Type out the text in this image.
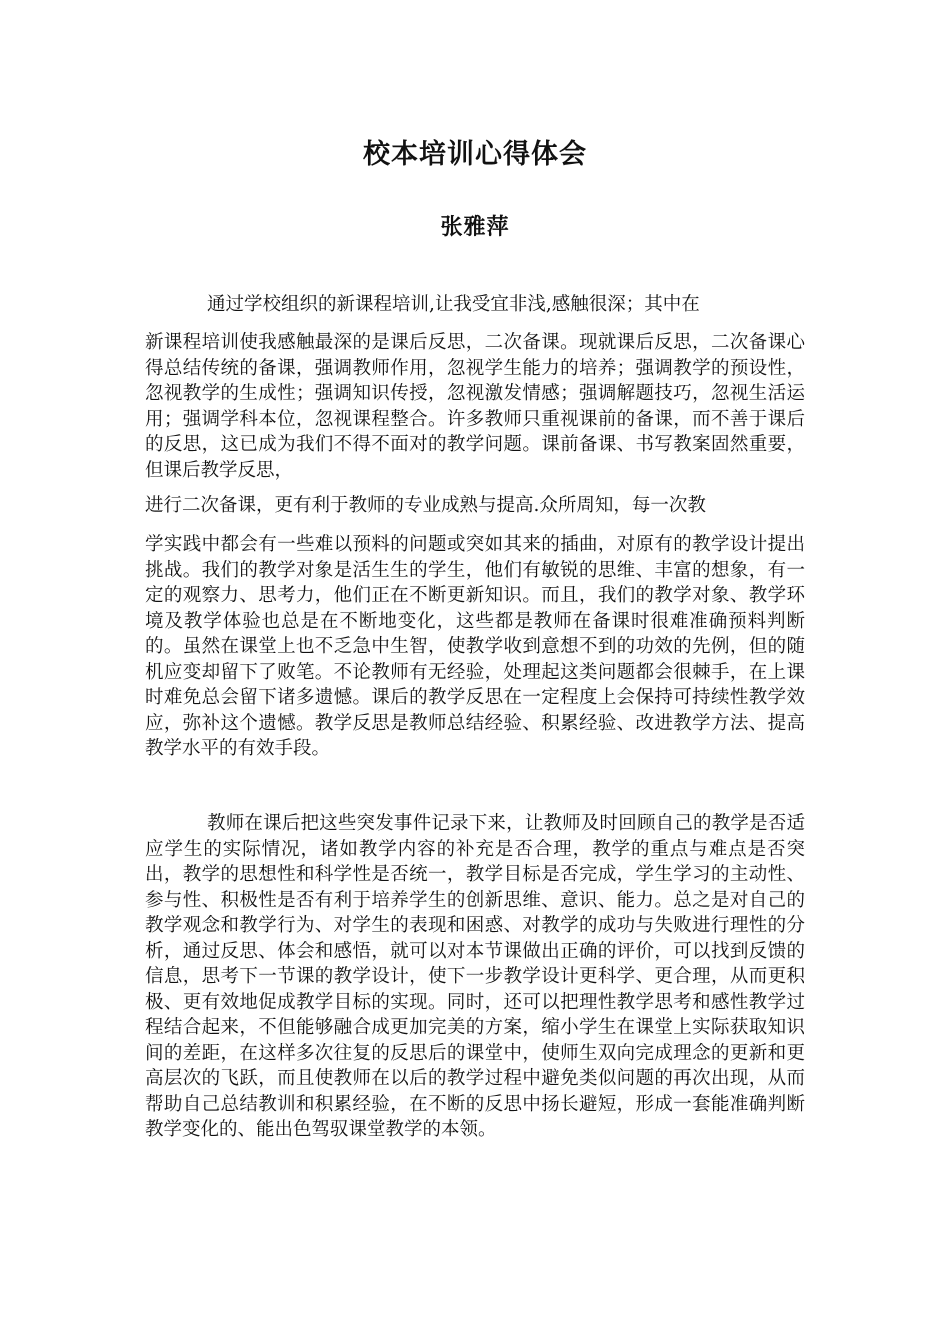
校本培训心得体会
张雅萍

通过学校组织的新课程培训,让我受宜非浅,感触很深；其中在

新课程培训使我感触最深的是课后反思，二次备课。现就课后反思，二次备课心得总结传统的备课，强调教师作用，忽视学生能力的培养；强调教学的预设性，忽视教学的生成性；强调知识传授，忽视激发情感；强调解题技巧，忽视生活运用；强调学科本位，忽视课程整合。许多教师只重视课前的备课，而不善于课后的反思，这已成为我们不得不面对的教学问题。课前备课、书写教案固然重要，但课后教学反思，

进行二次备课，更有利于教师的专业成熟与提高.众所周知，每一次教

学实践中都会有一些难以预料的问题或突如其来的插曲，对原有的教学设计提出挑战。我们的教学对象是活生生的学生，他们有敏锐的思维、丰富的想象，有一定的观察力、思考力，他们正在不断更新知识。而且，我们的教学对象、教学环境及教学体验也总是在不断地变化，这些都是教师在备课时很难准确预料判断的。虽然在课堂上也不乏急中生智，使教学收到意想不到的功效的先例，但的随机应变却留下了败笔。不论教师有无经验，处理起这类问题都会很棘手，在上课时难免总会留下诸多遗憾。课后的教学反思在一定程度上会保持可持续性教学效应，弥补这个遗憾。教学反思是教师总结经验、积累经验、改进教学方法、提高教学水平的有效手段。

教师在课后把这些突发事件记录下来，让教师及时回顾自己的教学是否适应学生的实际情况，诸如教学内容的补充是否合理，教学的重点与难点是否突出，教学的思想性和科学性是否统一，教学目标是否完成，学生学习的主动性、参与性、积极性是否有利于培养学生的创新思维、意识、能力。总之是对自己的教学观念和教学行为、对学生的表现和困惑、对教学的成功与失败进行理性的分析，通过反思、体会和感悟，就可以对本节课做出正确的评价，可以找到反馈的信息，思考下一节课的教学设计，使下一步教学设计更科学、更合理，从而更积极、更有效地促成教学目标的实现。同时，还可以把理性教学思考和感性教学过程结合起来，不但能够融合成更加完美的方案，缩小学生在课堂上实际获取知识间的差距，在这样多次往复的反思后的课堂中，使师生双向完成理念的更新和更高层次的飞跃，而且使教师在以后的教学过程中避免类似问题的再次出现，从而帮助自己总结教训和积累经验，在不断的反思中扬长避短，形成一套能准确判断教学变化的、能出色驾驭课堂教学的本领。
